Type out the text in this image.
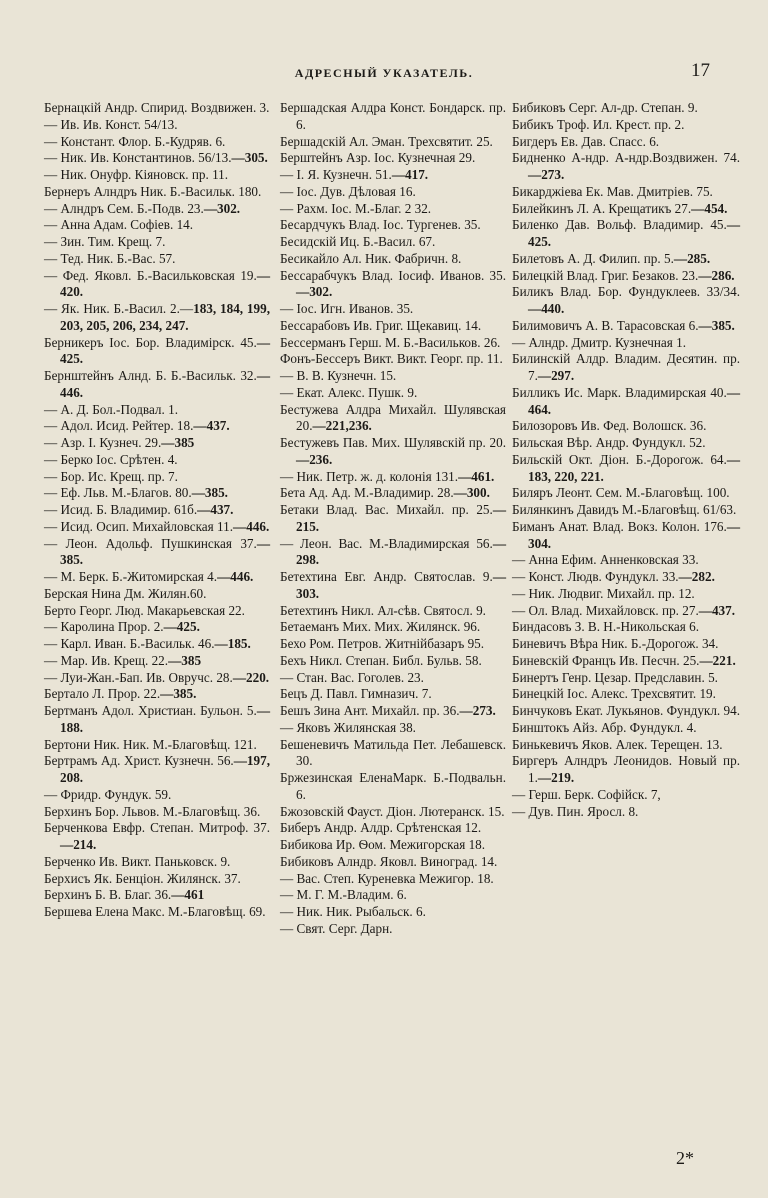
АДРЕСНЫЙ УКАЗАТЕЛЬ.	17
Бернацкій Андр. Спирид. Воздвижен. 3.
— Ив. Ив. Конст. 54/13.
— Констант. Флор. Б.-Кудряв. 6.
— Ник. Ив. Константинов. 56/13.—305.
— Ник. Онуфр. Кіяновск. пр. 11.
Бернеръ Алндръ Ник. Б.-Васильк. 180.
— Алндръ Сем. Б.-Подв. 23.—302.
— Анна Адам. Софіев. 14.
— Зин. Тим. Крещ. 7.
— Тед. Ник. Б.-Вас. 57.
— Фед. Яковл. Б.-Васильковская 19.—420.
— Як. Ник. Б.-Васил. 2.—183, 184, 199, 203, 205, 206, 234, 247.
Берникеръ Іос. Бор. Владимірск. 45.—425.
Бернштейнъ Алнд. Б. Б.-Васильк. 32.—446.
— А. Д. Бол.-Подвал. 1.
— Адол. Исид. Рейтер. 18.—437.
— Азр. І. Кузнеч. 29.—385
— Берко Іос. Срѣтен. 4.
— Бор. Ис. Крещ. пр. 7.
— Еф. Льв. М.-Благов. 80.—385.
— Исид. Б. Владимир. 61б.—437.
— Исид. Осип. Михайловская 11.—446.
— Леон. Адольф. Пушкинская 37.—385.
— М. Берк. Б.-Житомирская 4.—446.
Берская Нина Дм. Жилян.60.
Берто Георг. Люд. Макарьевская 22.
— Каролина Прор. 2.—425.
— Карл. Иван. Б.-Васильк. 46.—185.
— Мар. Ив. Крещ. 22.—385
— Луи-Жан.-Бап. Ив. Овручс. 28.—220.
Бертало Л. Прор. 22.—385.
Бертманъ Адол. Христиан. Бульон. 5.—188.
Бертони Ник. Ник. М.-Благовѣщ. 121.
Бертрамъ Ад. Христ. Кузнечн. 56.—197, 208.
— Фридр. Фундук. 59.
Берхинъ Бор. Львов. М.-Благовѣщ. 36.
Берченкова Евфр. Степан. Митроф. 37.—214.
Берченко Ив. Викт. Паньковск. 9.
Берхисъ Як. Бенціон. Жилянск. 37.
Берхинъ Б. В. Благ. 36.—461
Бершева Елена Макс. М.-Благовѣщ. 69.
Бершадская Алдра Конст. Бондарск. пр. 6.
Бершадскій Ал. Эман. Трехсвятит. 25.
Берштейнъ Азр. Іос. Кузнечная 29.
— І. Я. Кузнечн. 51.—417.
— Іос. Дув. Дѣловая 16.
— Рахм. Іос. М.-Благ. 2 32.
Бесардчукъ Влад. Іос. Тургенев. 35.
Бесидскій Иц. Б.-Васил. 67.
Бесикайло Ал. Ник. Фабричн. 8.
Бессарабчукъ Влад. Іосиф. Иванов. 35.—302.
— Іос. Игн. Иванов. 35.
Бессарабовъ Ив. Григ. Щекавиц. 14.
Бессерманъ Герш. М. Б.-Васильков. 26.
Фонъ-Бессеръ Викт. Викт. Георг. пр. 11.
— В. В. Кузнечн. 15.
— Екат. Алекс. Пушк. 9.
Бестужева Алдра Михайл. Шулявская 20.—221,236.
Бестужевъ Пав. Мих. Шулявскій пр. 20.—236.
— Ник. Петр. ж. д. колонія 131.—461.
Бета Ад. Ад. М.-Владимир. 28.—300.
Бетаки Влад. Вас. Михайл. пр. 25.—215.
— Леон. Вас. М.-Владимирская 56.—298.
Бетехтина Евг. Андр. Святослав. 9.—303.
Бетехтинъ Никл. Ал-сѣв. Святосл. 9.
Бетаеманъ Мих. Мих. Жилянск. 96.
Бехо Ром. Петров. Житнійбазаръ 95.
Бехъ Никл. Степан. Библ. Бульв. 58.
— Стан. Вас. Гоголев. 23.
Бецъ Д. Павл. Гимназич. 7.
Бешъ Зина Ант. Михайл. пр. 36.—273.
— Яковъ Жилянская 38.
Бешеневичъ Матильда Пет. Лебашевск. 30.
Бржезинская ЕленаМарк. Б.-Подвальн. 6.
Бжозовскій Фауст. Діон. Лютеранск. 15.
Биберъ Андр. Алдр. Срѣтенская 12.
Бибикова Ир. Ѳом. Межигорская 18.
Бибиковъ Алндр. Яковл. Виноград. 14.
— Вас. Степ. Куреневка Межигор. 18.
— М. Г. М.-Владим. 6.
— Ник. Ник. Рыбальск. 6.
— Свят. Серг. Дарн.
Бибиковъ Серг. Ал-др. Степан. 9.
Бибикъ Троф. Ил. Крест. пр. 2.
Бигдеръ Ев. Дав. Спасс. 6.
Бидненко А-ндр. А-ндр.Воздвижен. 74.—273.
Бикарджіева Ек. Мав. Дмитріев. 75.
Билейкинъ Л. А. Крещатикъ 27.—454.
Биленко Дав. Вольф. Владимир. 45.—425.
Билетовъ А. Д. Филип. пр. 5.—285.
Билецкій Влад. Григ. Безаков. 23.—286.
Биликъ Влад. Бор. Фундуклеев. 33/34.—440.
Билимовичъ А. В. Тарасовская 6.—385.
— Алндр. Дмитр. Кузнечная 1.
Билинскій Алдр. Владим. Десятин. пр. 7.—297.
Билликъ Ис. Марк. Владимирская 40.—464.
Билозоровъ Ив. Фед. Волошск. 36.
Бильская Вѣр. Андр. Фундукл. 52.
Бильскій Окт. Діон. Б.-Дорогож. 64.—183, 220, 221.
Биляръ Леонт. Сем. М.-Благовѣщ. 100.
Билянкинъ Давидъ М.-Благовѣщ. 61/63.
Биманъ Анат. Влад. Вокз. Колон. 176.—304.
— Анна Ефим. Анненковская 33.
— Конст. Людв. Фундукл. 33.—282.
— Ник. Людвиг. Михайл. пр. 12.
— Ол. Влад. Михайловск. пр. 27.—437.
Биндасовъ З. В. Н.-Никольская 6.
Биневичъ Вѣра Ник. Б.-Дорогож. 34.
Биневскій Францъ Ив. Песчн. 25.—221.
Бинертъ Генр. Цезар. Предславин. 5.
Бинецкій Іос. Алекс. Трехсвятит. 19.
Бинчуковъ Екат. Лукьянов. Фундукл. 94.
Бинштокъ Айз. Абр. Фундукл. 4.
Бинькевичъ Яков. Алек. Терещен. 13.
Биргеръ Алндръ Леонидов. Новый пр. 1.—219.
— Герш. Берк. Софійск. 7,
— Дув. Пин. Яросл. 8.
2*
